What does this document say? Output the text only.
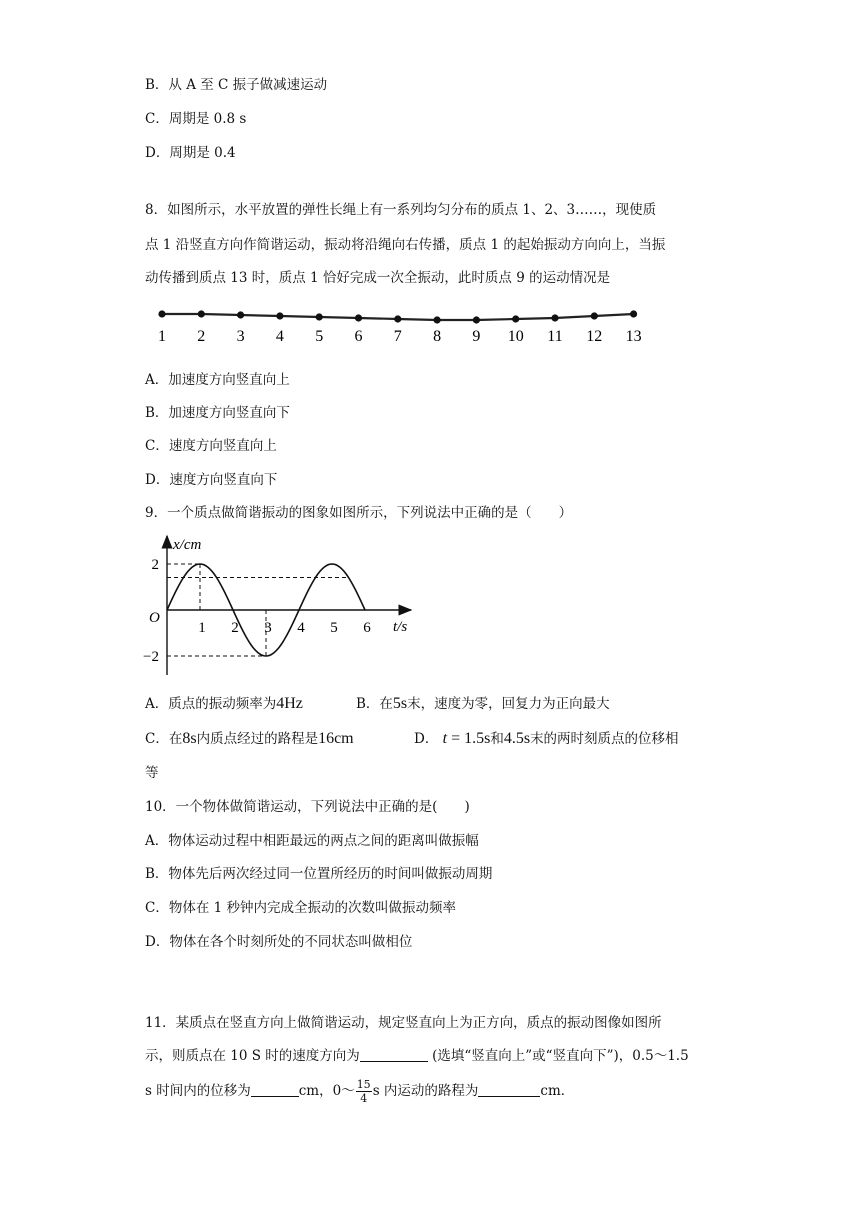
B．从 A 至 C 振子做减速运动
C．周期是 0.8 s
D．周期是 0.4
8．如图所示，水平放置的弹性长绳上有一系列均匀分布的质点 1、2、3……，现使质
点 1 沿竖直方向作简谐运动，振动将沿绳向右传播，质点 1 的起始振动方向向上，当振
动传播到质点 13 时，质点 1 恰好完成一次全振动，此时质点 9 的运动情况是
1 2 3 4 5 6 7 8 9 10 11 12 13
A．加速度方向竖直向上
B．加速度方向竖直向下
C．速度方向竖直向上
D．速度方向竖直向下
9．一个质点做简谐振动的图象如图所示，下列说法中正确的是（　　）
1 2 3 4 5 6
2
−2
x/cm
t/s
O
A．质点的振动频率为4Hz	B．在5s末，速度为零，回复力为正向最大
C．在8s内质点经过的路程是16cm	D． t = 1.5s和4.5s末的两时刻质点的位移相
等
10．一个物体做简谐运动，下列说法中正确的是(　　)
A．物体运动过程中相距最远的两点之间的距离叫做振幅
B．物体先后两次经过同一位置所经历的时间叫做振动周期
C．物体在 1 秒钟内完成全振动的次数叫做振动频率
D．物体在各个时刻所处的不同状态叫做相位
11．某质点在竖直方向上做简谐运动，规定竖直向上为正方向，质点的振动图像如图所
示，则质点在 10 S 时的速度方向为	(选填“竖直向上”或“竖直向下”)，0.5～1.5
s 时间内的位移为	cm，0～ $\frac{15}{4}$ s 内运动的路程为	cm．
